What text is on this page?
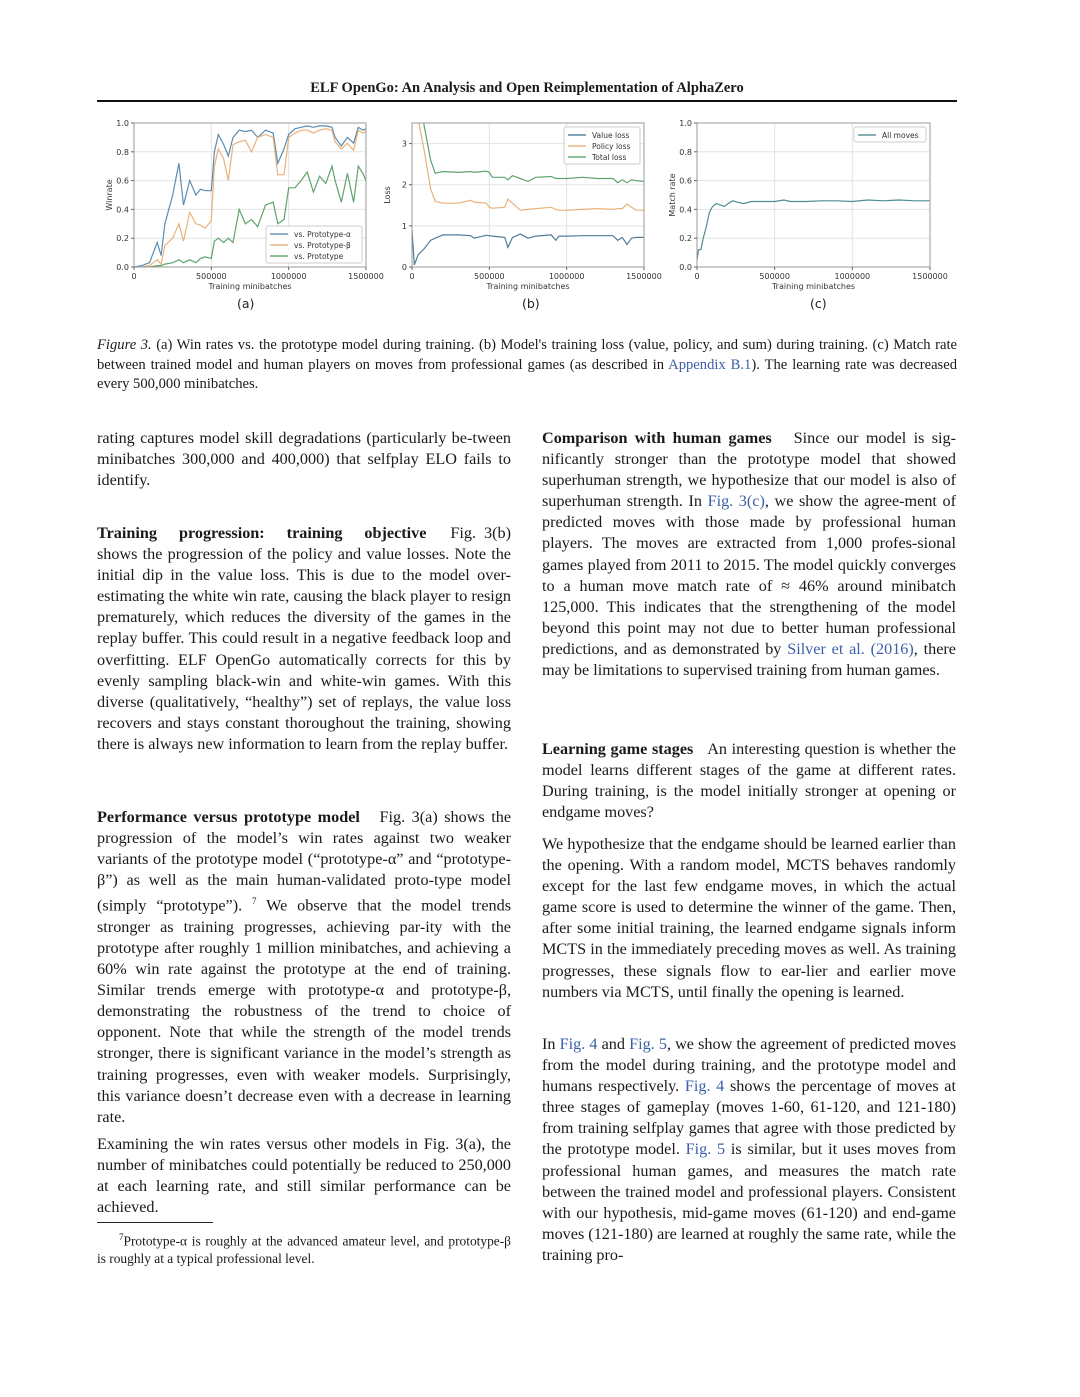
ELF OpenGo: An Analysis and Open Reimplementation of AlphaZero
0	500000	1000000	1500000
0.0
0.2
0.4
0.6
0.8
1.0
Training minibatches
Winrate
vs. Prototype-α
vs. Prototype-β
vs. Prototype
0	500000	1000000	1500000
0
1
2
3
Training minibatches
Loss
Value loss
Policy loss
Total loss
0	500000	1000000	1500000
0.0
0.2
0.4
0.6
0.8
1.0
Training minibatches
Match rate
All moves
(a)	(b)	(c)
Figure 3. (a) Win rates vs. the prototype model during training. (b) Model's training loss (value, policy, and sum) during training. (c) Match rate between trained model and human players on moves from professional games (as described in Appendix B.1). The learning rate was decreased every 500,000 minibatches.

rating captures model skill degradations (particularly be-tween minibatches 300,000 and 400,000) that selfplay ELO fails to identify.

Training progression: training objective Fig. 3(b) shows the progression of the policy and value losses. Note the initial dip in the value loss. This is due to the model over-estimating the white win rate, causing the black player to resign prematurely, which reduces the diversity of the games in the replay buffer. This could result in a negative feedback loop and overfitting. ELF OpenGo automatically corrects for this by evenly sampling black-win and white-win games. With this diverse (qualitatively, “healthy”) set of replays, the value loss recovers and stays constant thoroughout the training, showing there is always new information to learn from the replay buffer.

Performance versus prototype model Fig. 3(a) shows the progression of the model’s win rates against two weaker variants of the prototype model (“prototype-α” and “prototype-β”) as well as the main human-validated proto-type model (simply “prototype”). $^7$ We observe that the model trends stronger as training progresses, achieving par-ity with the prototype after roughly 1 million minibatches, and achieving a 60% win rate against the prototype at the end of training. Similar trends emerge with prototype-α and prototype-β, demonstrating the robustness of the trend to choice of opponent. Note that while the strength of the model trends stronger, there is significant variance in the model’s strength as training progresses, even with weaker models. Surprisingly, this variance doesn’t decrease even with a decrease in learning rate.

Examining the win rates versus other models in Fig. 3(a), the number of minibatches could potentially be reduced to 250,000 at each learning rate, and still similar performance can be achieved.

$^7$Prototype-α is roughly at the advanced amateur level, and prototype-β is roughly at a typical professional level.

Comparison with human games Since our model is sig-nificantly stronger than the prototype model that showed superhuman strength, we hypothesize that our model is also of superhuman strength. In Fig. 3(c), we show the agree-ment of predicted moves with those made by professional human players. The moves are extracted from 1,000 profes-sional games played from 2011 to 2015. The model quickly converges to a human move match rate of ≈ 46% around minibatch 125,000. This indicates that the strengthening of the model beyond this point may not due to better human professional predictions, and as demonstrated by Silver et al. (2016), there may be limitations to supervised training from human games.

Learning game stages An interesting question is whether the model learns different stages of the game at different rates. During training, is the model initially stronger at opening or endgame moves?

We hypothesize that the endgame should be learned earlier than the opening. With a random model, MCTS behaves randomly except for the last few endgame moves, in which the actual game score is used to determine the winner of the game. Then, after some initial training, the learned endgame signals inform MCTS in the immediately preceding moves as well. As training progresses, these signals flow to ear-lier and earlier move numbers via MCTS, until finally the opening is learned.

In Fig. 4 and Fig. 5, we show the agreement of predicted moves from the model during training, and the prototype model and humans respectively. Fig. 4 shows the percentage of moves at three stages of gameplay (moves 1-60, 61-120, and 121-180) from training selfplay games that agree with those predicted by the prototype model. Fig. 5 is similar, but it uses moves from professional human games, and measures the match rate between the trained model and professional players. Consistent with our hypothesis, mid-game moves (61-120) and end-game moves (121-180) are learned at roughly the same rate, while the training pro-
